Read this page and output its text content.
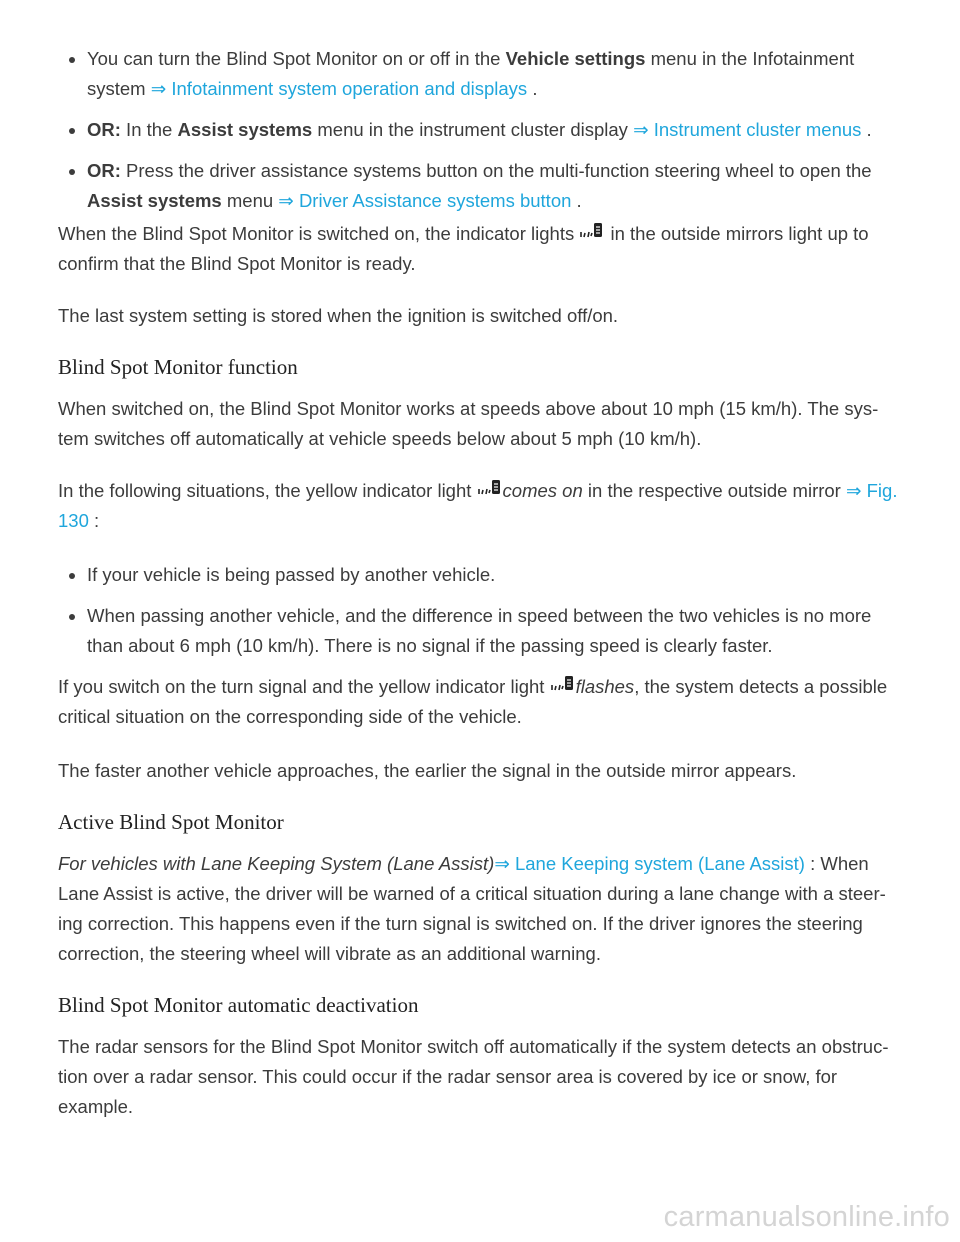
You can turn the Blind Spot Monitor on or off in the Vehicle settings menu in the Infotainment system ⇒ Infotainment system operation and displays .
OR: In the Assist systems menu in the instrument cluster display ⇒ Instrument cluster menus .
OR: Press the driver assistance systems button on the multi-function steering wheel to open the Assist systems menu ⇒ Driver Assistance systems button .

When the Blind Spot Monitor is switched on, the indicator lights
in the outside mirrors light up to confirm that the Blind Spot Monitor is ready.

The last system setting is stored when the ignition is switched off/on.

Blind Spot Monitor function

When switched on, the Blind Spot Monitor works at speeds above about 10 mph (15 km/h). The sys-tem switches off automatically at vehicle speeds below about 5 mph (10 km/h).

In the following situations, the yellow indicator light
comes on in the respective outside mirror ⇒ Fig. 130 :

If your vehicle is being passed by another vehicle.
When passing another vehicle, and the difference in speed between the two vehicles is no more than about 6 mph (10 km/h). There is no signal if the passing speed is clearly faster.

If you switch on the turn signal and the yellow indicator light
flashes, the system detects a possible critical situation on the corresponding side of the vehicle.

The faster another vehicle approaches, the earlier the signal in the outside mirror appears.

Active Blind Spot Monitor

For vehicles with Lane Keeping System (Lane Assist)⇒ Lane Keeping system (Lane Assist) : When Lane Assist is active, the driver will be warned of a critical situation during a lane change with a steer-ing correction. This happens even if the turn signal is switched on. If the driver ignores the steering correction, the steering wheel will vibrate as an additional warning.

Blind Spot Monitor automatic deactivation

The radar sensors for the Blind Spot Monitor switch off automatically if the system detects an obstruc-tion over a radar sensor. This could occur if the radar sensor area is covered by ice or snow, for example.

carmanualsonline.info
